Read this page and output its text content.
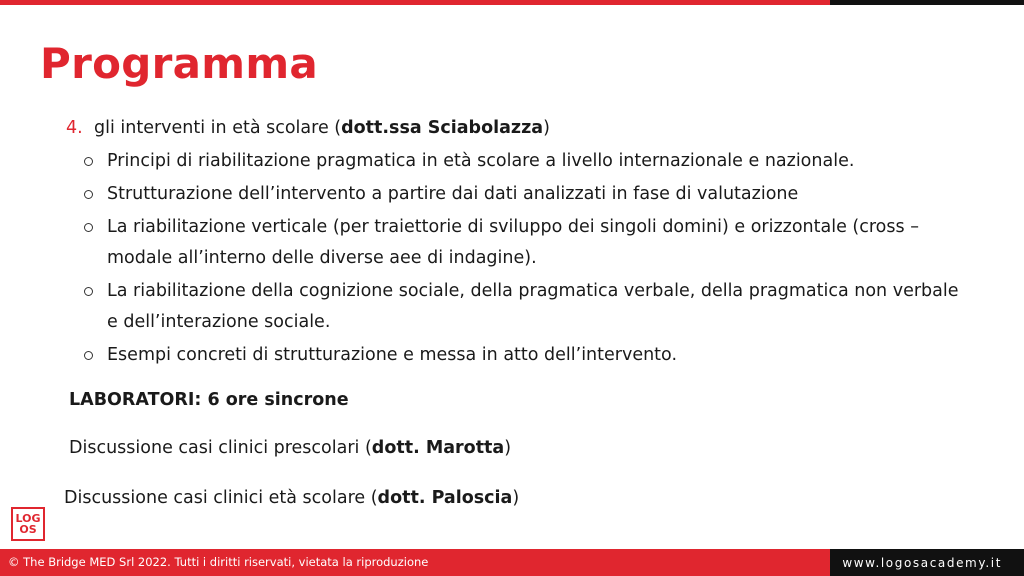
Programma
4. gli interventi in età scolare (dott.ssa Sciabolazza)
Principi di riabilitazione pragmatica in età scolare a livello internazionale e nazionale.
Strutturazione dell’intervento a partire dai dati analizzati in fase di valutazione
La riabilitazione verticale (per traiettorie di sviluppo dei singoli domini) e orizzontale (cross – modale all’interno delle diverse aee di indagine).
La riabilitazione della cognizione sociale, della pragmatica verbale, della pragmatica non verbale e dell’interazione sociale.
Esempi concreti di strutturazione e messa in atto dell’intervento.
LABORATORI: 6 ore sincrone
Discussione casi clinici prescolari (dott. Marotta)
Discussione casi clinici età scolare (dott. Paloscia)
LOG
OS
© The Bridge MED Srl 2022. Tutti i diritti riservati, vietata la riproduzione	www.logosacademy.it
